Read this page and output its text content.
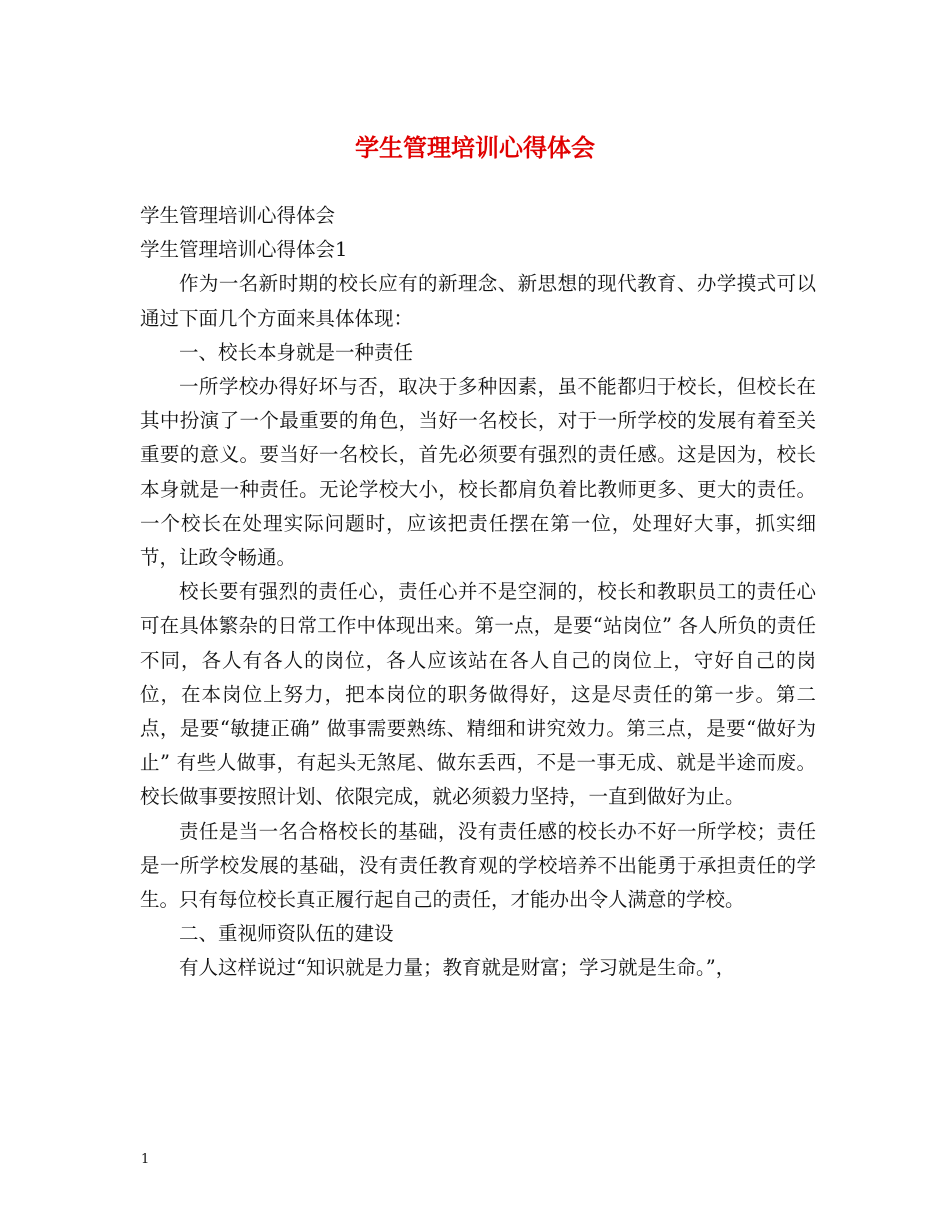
学生管理培训心得体会

学生管理培训心得体会

学生管理培训心得体会1

作为一名新时期的校长应有的新理念、新思想的现代教育、办学摸式可以通过下面几个方面来具体体现：

一、校长本身就是一种责任

一所学校办得好坏与否，取决于多种因素，虽不能都归于校长，但校长在其中扮演了一个最重要的角色，当好一名校长，对于一所学校的发展有着至关重要的意义。要当好一名校长，首先必须要有强烈的责任感。这是因为，校长本身就是一种责任。无论学校大小，校长都肩负着比教师更多、更大的责任。一个校长在处理实际问题时，应该把责任摆在第一位，处理好大事，抓实细节，让政令畅通。

校长要有强烈的责任心，责任心并不是空洞的，校长和教职员工的责任心可在具体繁杂的日常工作中体现出来。第一点，是要“站岗位” 各人所负的责任不同，各人有各人的岗位，各人应该站在各人自己的岗位上，守好自己的岗位，在本岗位上努力，把本岗位的职务做得好，这是尽责任的第一步。第二点，是要“敏捷正确” 做事需要熟练、精细和讲究效力。第三点，是要“做好为止” 有些人做事，有起头无煞尾、做东丢西，不是一事无成、就是半途而废。校长做事要按照计划、依限完成，就必须毅力坚持，一直到做好为止。

责任是当一名合格校长的基础，没有责任感的校长办不好一所学校；责任是一所学校发展的基础，没有责任教育观的学校培养不出能勇于承担责任的学生。只有每位校长真正履行起自己的责任，才能办出令人满意的学校。

二、重视师资队伍的建设

有人这样说过“知识就是力量；教育就是财富；学习就是生命。”，

1
